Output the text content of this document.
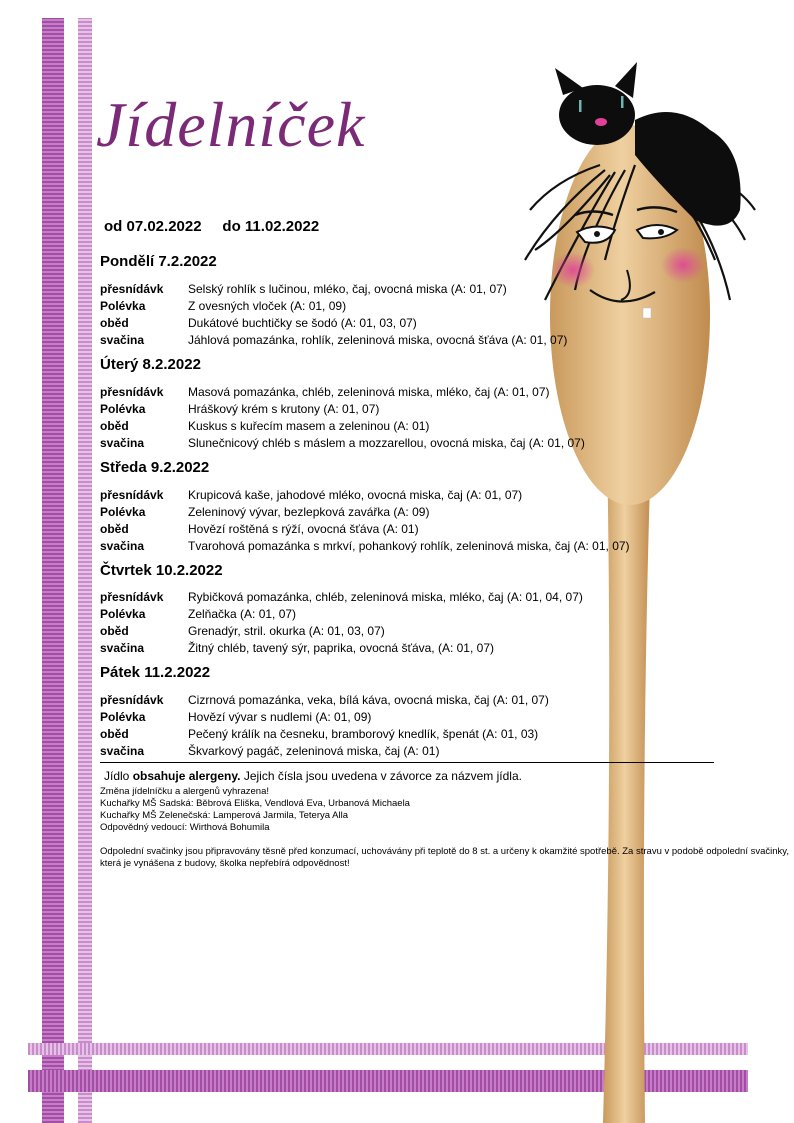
Jídelníček
od 07.02.2022 do 11.02.2022
Pondělí 7.2.2022
přesnídávk Selský rohlík s lučinou, mléko, čaj, ovocná miska (A: 01, 07)
Polévka	Z ovesných vloček (A: 01, 09)
oběd	Dukátové buchtičky se šodó (A: 01, 03, 07)
svačina	Jáhlová pomazánka, rohlík, zeleninová miska, ovocná šťáva (A: 01, 07)
Úterý 8.2.2022
přesnídávk Masová pomazánka, chléb, zeleninová miska, mléko, čaj (A: 01, 07)
Polévka	Hráškový krém s krutony (A: 01, 07)
oběd	Kuskus s kuřecím masem a zeleninou (A: 01)
svačina	Slunečnicový chléb s máslem a mozzarellou, ovocná miska, čaj (A: 01, 07)
Středa 9.2.2022
přesnídávk Krupicová kaše, jahodové mléko, ovocná miska, čaj (A: 01, 07)
Polévka	Zeleninový vývar, bezlepková zavářka (A: 09)
oběd	Hovězí roštěná s rýží, ovocná šťáva (A: 01)
svačina	Tvarohová pomazánka s mrkví, pohankový rohlík, zeleninová miska, čaj (A: 01, 07)
Čtvrtek 10.2.2022
přesnídávk Rybičková pomazánka, chléb, zeleninová miska, mléko, čaj (A: 01, 04, 07)
Polévka	Zelňačka (A: 01, 07)
oběd	Grenadýr, stril. okurka (A: 01, 03, 07)
svačina	Žitný chléb, tavený sýr, paprika, ovocná šťáva, (A: 01, 07)
Pátek 11.2.2022
přesnídávk Cizrnová pomazánka, veka, bílá káva, ovocná miska, čaj (A: 01, 07)
Polévka	Hovězí vývar s nudlemi (A: 01, 09)
oběd	Pečený králík na česneku, bramborový knedlík, špenát (A: 01, 03)
svačina	Škvarkový pagáč, zeleninová miska, čaj (A: 01)
Jídlo obsahuje alergeny. Jejich čísla jsou uvedena v závorce za názvem jídla.
Změna jídelníčku a alergenů vyhrazena!
Kuchařky MŠ Sadská: Běbrová Eliška, Vendlová Eva, Urbanová Michaela
Kuchařky MŠ Zelenečská: Lamperová Jarmila, Teterya Alla
Odpovědný vedoucí: Wirthová Bohumila
Odpolední svačinky jsou připravovány těsně před konzumací, uchovávány při teplotě do 8 st. a určeny k okamžité spotřebě. Za stravu v podobě odpolední svačinky, která je vynášena z budovy, školka nepřebírá odpovědnost!
